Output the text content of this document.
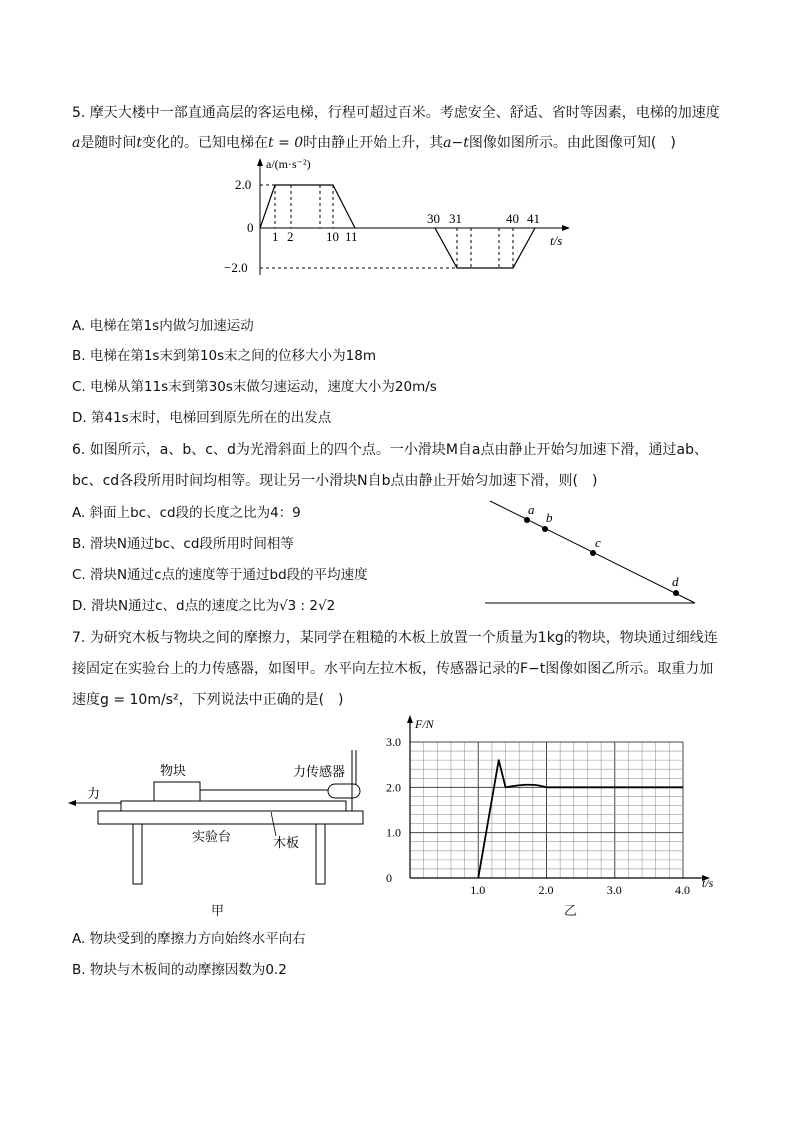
5. 摩天大楼中一部直通高层的客运电梯，行程可超过百米。考虑安全、舒适、省时等因素，电梯的加速度
a是随时间t变化的。已知电梯在t = 0时由静止开始上升，其a−t图像如图所示。由此图像可知(　)
a/(m·s⁻²)
2.0
0
−2.0
1 2	10 11
30 31	40 41
t/s
A. 电梯在第1s内做匀加速运动
B. 电梯在第1s末到第10s末之间的位移大小为18m
C. 电梯从第11s末到第30s末做匀速运动，速度大小为20m/s
D. 第41s末时，电梯回到原先所在的出发点
6. 如图所示，a、b、c、d为光滑斜面上的四个点。一小滑块M自a点由静止开始匀加速下滑，通过ab、
bc、cd各段所用时间均相等。现让另一小滑块N自b点由静止开始匀加速下滑，则(　)
a
b
c
d
A. 斜面上bc、cd段的长度之比为4：9
B. 滑块N通过bc、cd段所用时间相等
C. 滑块N通过c点的速度等于通过bd段的平均速度
D. 滑块N通过c、d点的速度之比为√3 : 2√2
7. 为研究木板与物块之间的摩擦力，某同学在粗糙的木板上放置一个质量为1kg的物块，物块通过细线连
接固定在实验台上的力传感器，如图甲。水平向左拉木板，传感器记录的F−t图像如图乙所示。取重力加
速度g = 10m/s²，下列说法中正确的是(　)
力
物块	力传感器
实验台	木板
甲
1.0	2.0	3.0	4.0
0
1.0
2.0
3.0
F/N
t/s
乙
A. 物块受到的摩擦力方向始终水平向右
B. 物块与木板间的动摩擦因数为0.2
